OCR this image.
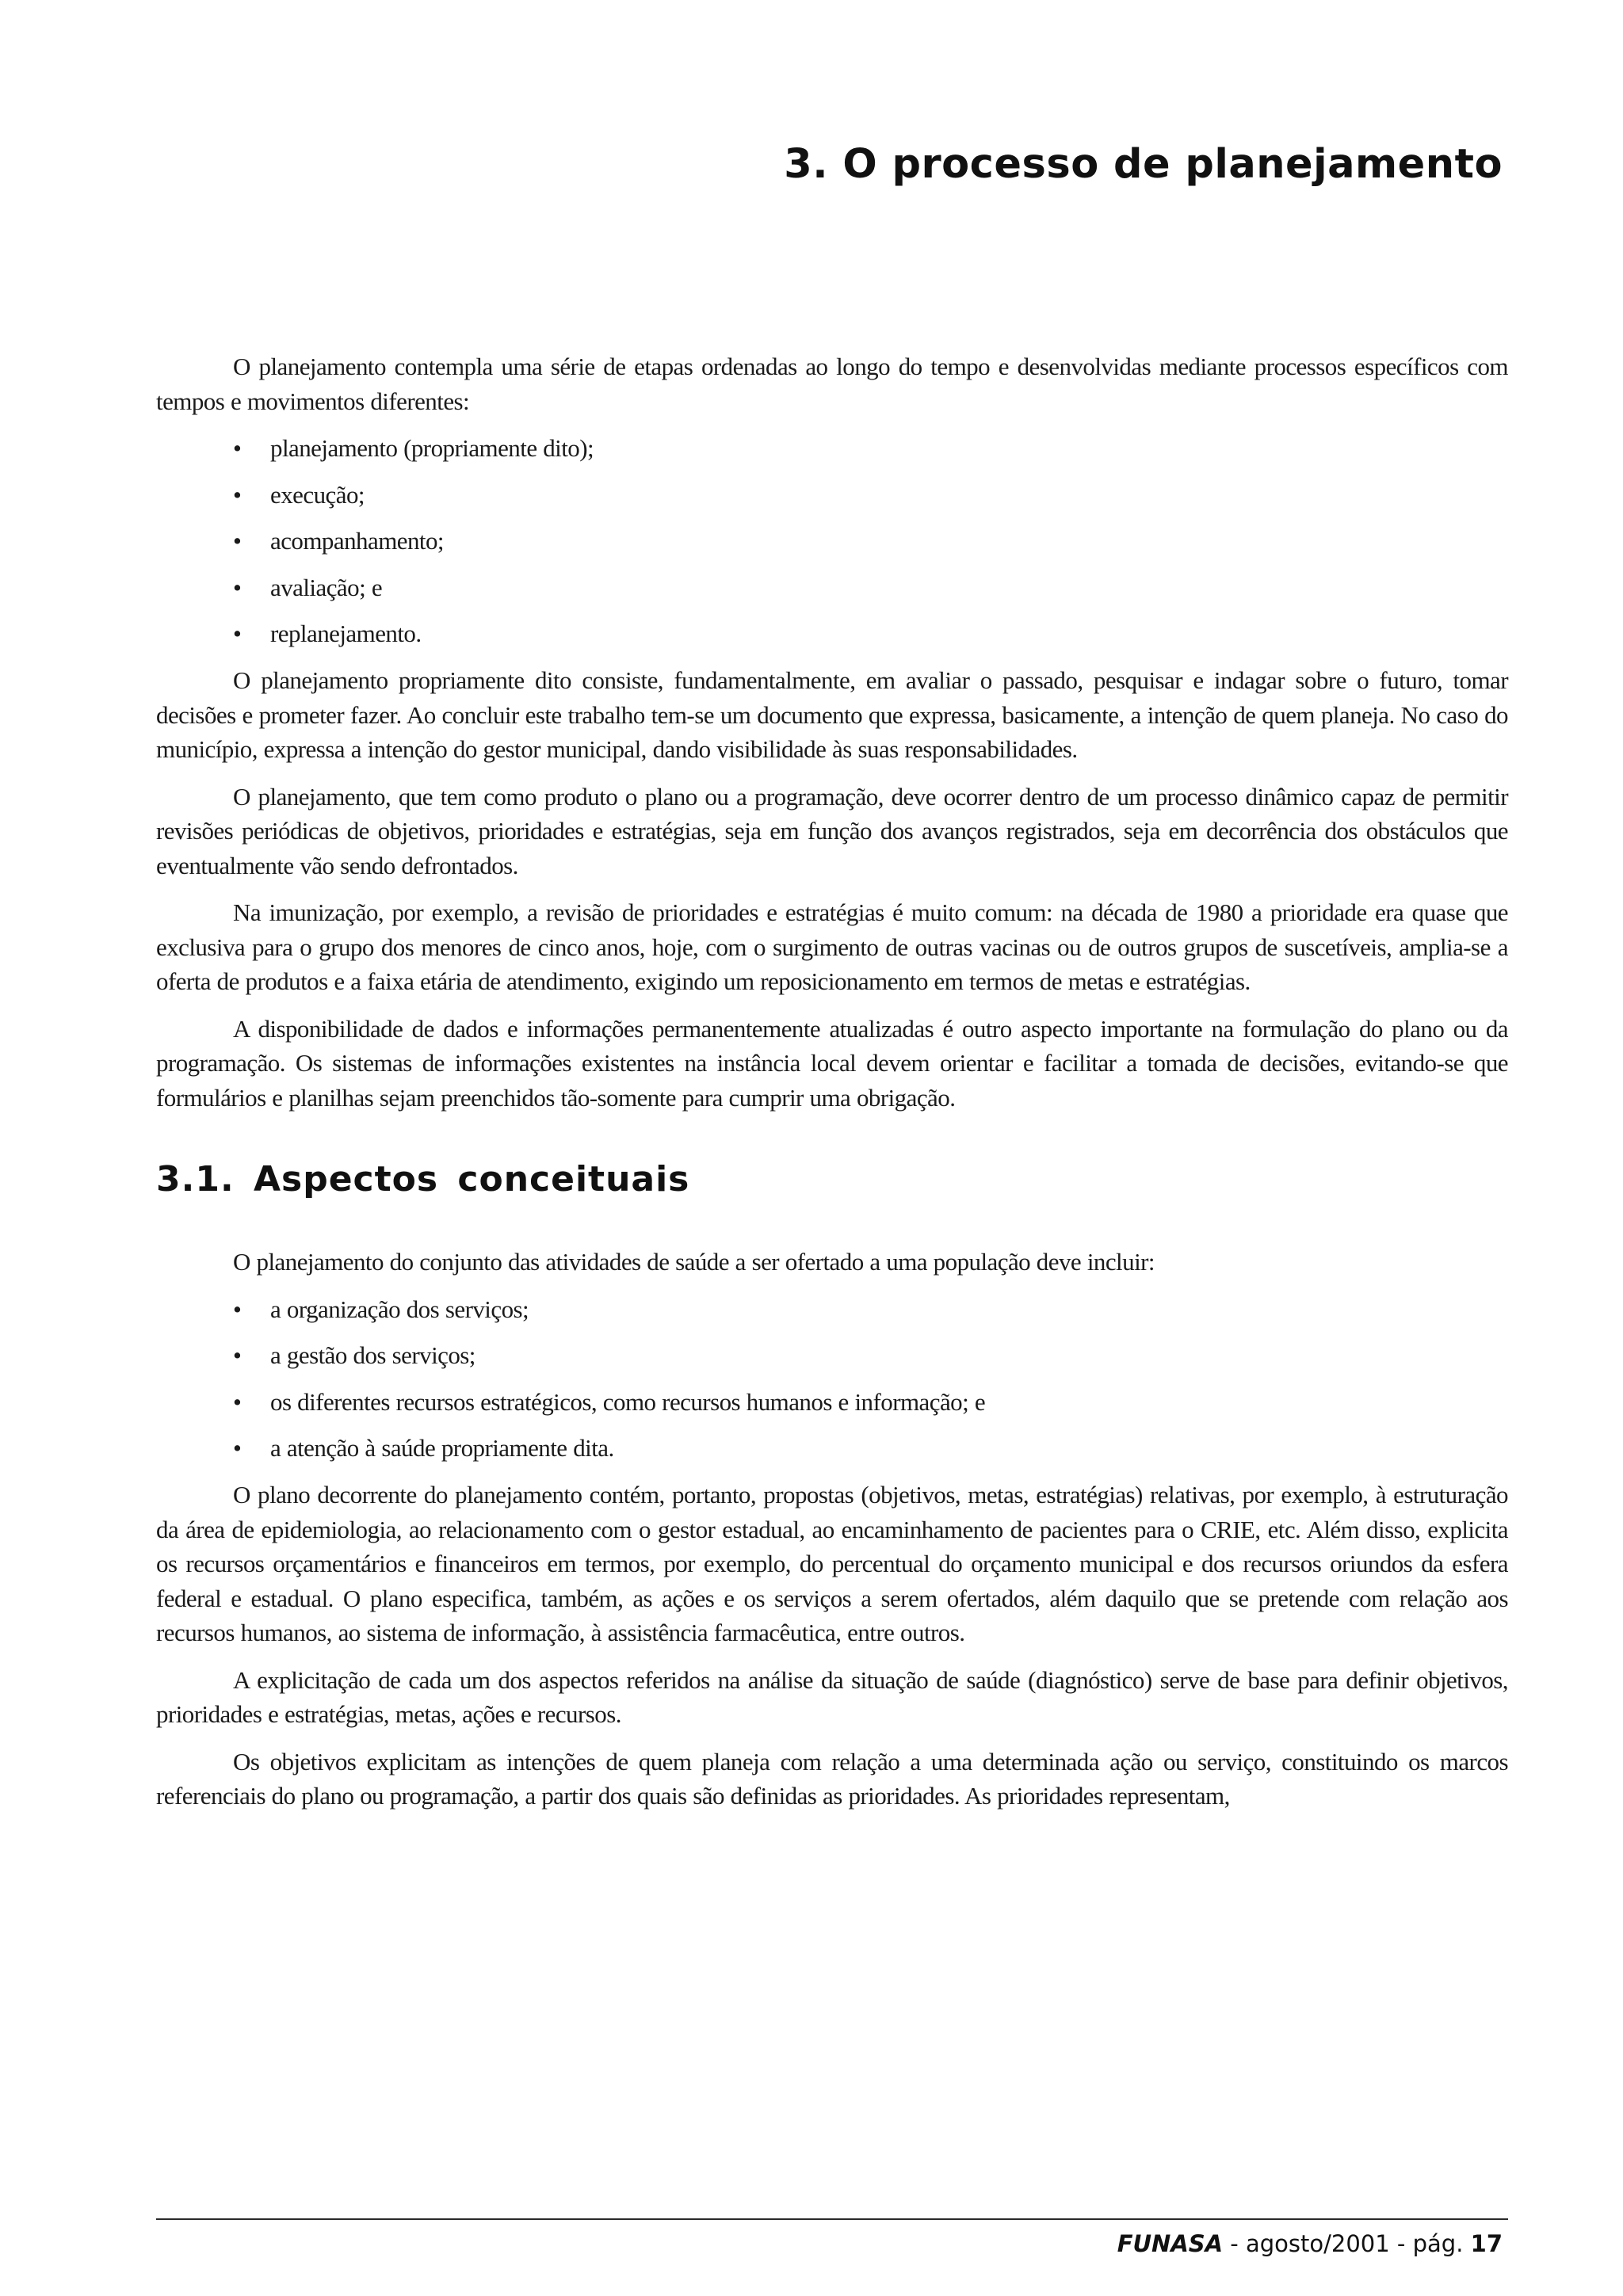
3. O processo de planejamento

O planejamento contempla uma série de etapas ordenadas ao longo do tempo e desenvolvidas mediante processos específicos com tempos e movimentos diferentes:

• planejamento (propriamente dito);
• execução;
• acompanhamento;
• avaliação; e
• replanejamento.

O planejamento propriamente dito consiste, fundamentalmente, em avaliar o passado, pesquisar e indagar sobre o futuro, tomar decisões e prometer fazer. Ao concluir este trabalho tem-se um documento que expressa, basicamente, a intenção de quem planeja. No caso do município, expressa a intenção do gestor municipal, dando visibilidade às suas responsabilidades.

O planejamento, que tem como produto o plano ou a programação, deve ocorrer dentro de um processo dinâmico capaz de permitir revisões periódicas de objetivos, prioridades e estratégias, seja em função dos avanços registrados, seja em decorrência dos obstáculos que eventualmente vão sendo defrontados.

Na imunização, por exemplo, a revisão de prioridades e estratégias é muito comum: na década de 1980 a prioridade era quase que exclusiva para o grupo dos menores de cinco anos, hoje, com o surgimento de outras vacinas ou de outros grupos de suscetíveis, amplia-se a oferta de produtos e a faixa etária de atendimento, exigindo um reposicionamento em termos de metas e estratégias.

A disponibilidade de dados e informações permanentemente atualizadas é outro aspecto importante na formulação do plano ou da programação. Os sistemas de informações existentes na instância local devem orientar e facilitar a tomada de decisões, evitando-se que formulários e planilhas sejam preenchidos tão-somente para cumprir uma obrigação.

3.1. Aspectos conceituais

O planejamento do conjunto das atividades de saúde a ser ofertado a uma população deve incluir:

• a organização dos serviços;
• a gestão dos serviços;
• os diferentes recursos estratégicos, como recursos humanos e informação; e
• a atenção à saúde propriamente dita.

O plano decorrente do planejamento contém, portanto, propostas (objetivos, metas, estratégias) relativas, por exemplo, à estruturação da área de epidemiologia, ao relacionamento com o gestor estadual, ao encaminhamento de pacientes para o CRIE, etc. Além disso, explicita os recursos orçamentários e financeiros em termos, por exemplo, do percentual do orçamento municipal e dos recursos oriundos da esfera federal e estadual. O plano especifica, também, as ações e os serviços a serem ofertados, além daquilo que se pretende com relação aos recursos humanos, ao sistema de informação, à assistência farmacêutica, entre outros.

A explicitação de cada um dos aspectos referidos na análise da situação de saúde (diagnóstico) serve de base para definir objetivos, prioridades e estratégias, metas, ações e recursos.

Os objetivos explicitam as intenções de quem planeja com relação a uma determinada ação ou serviço, constituindo os marcos referenciais do plano ou programação, a partir dos quais são definidas as prioridades. As prioridades representam,

FUNASA - agosto/2001 - pág. 17
